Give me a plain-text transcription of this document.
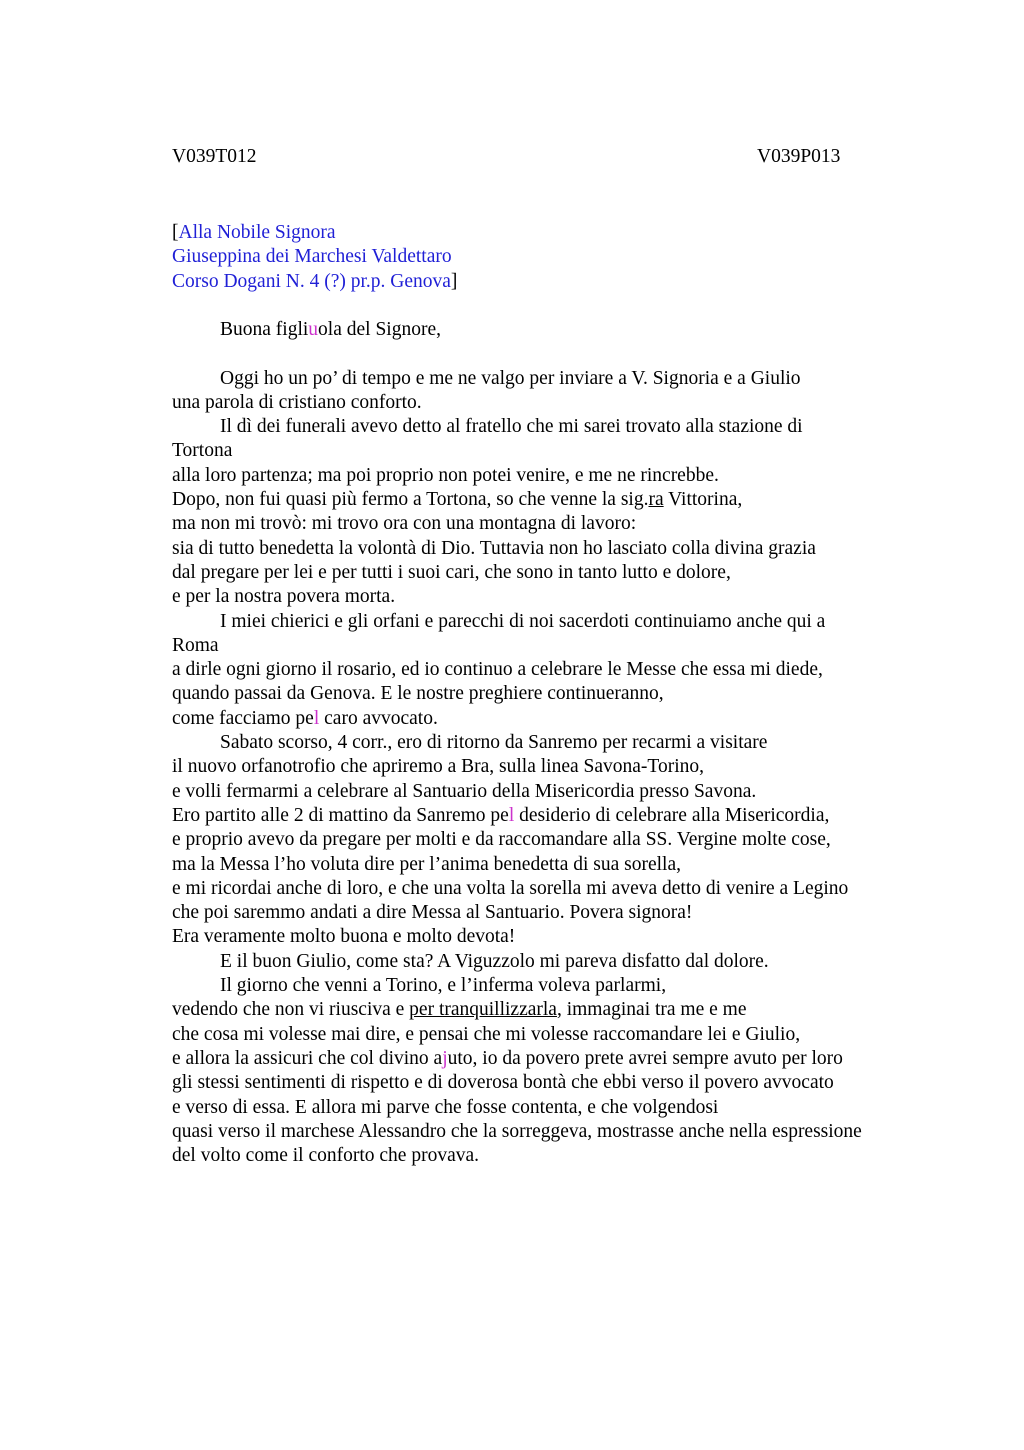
V039T012	V039P013
[Alla Nobile Signora
Giuseppina dei Marchesi Valdettaro
Corso Dogani N. 4 (?) pr.p. Genova]
Buona figliuola del Signore,
Oggi ho un po’ di tempo e me ne valgo per inviare a V. Signoria e a Giulio
una parola di cristiano conforto.
Il dì dei funerali avevo detto al fratello che mi sarei trovato alla stazione di
Tortona
alla loro partenza; ma poi proprio non potei venire, e me ne rincrebbe.
Dopo, non fui quasi più fermo a Tortona, so che venne la sig.ra Vittorina,
ma non mi trovò: mi trovo ora con una montagna di lavoro:
sia di tutto benedetta la volontà di Dio. Tuttavia non ho lasciato colla divina grazia
dal pregare per lei e per tutti i suoi cari, che sono in tanto lutto e dolore,
e per la nostra povera morta.
I miei chierici e gli orfani e parecchi di noi sacerdoti continuiamo anche qui a
Roma
a dirle ogni giorno il rosario, ed io continuo a celebrare le Messe che essa mi diede,
quando passai da Genova. E le nostre preghiere continueranno,
come facciamo pel caro avvocato.
Sabato scorso, 4 corr., ero di ritorno da Sanremo per recarmi a visitare
il nuovo orfanotrofio che apriremo a Bra, sulla linea Savona-Torino,
e volli fermarmi a celebrare al Santuario della Misericordia presso Savona.
Ero partito alle 2 di mattino da Sanremo pel desiderio di celebrare alla Misericordia,
e proprio avevo da pregare per molti e da raccomandare alla SS. Vergine molte cose,
ma la Messa l’ho voluta dire per l’anima benedetta di sua sorella,
e mi ricordai anche di loro, e che una volta la sorella mi aveva detto di venire a Legino
che poi saremmo andati a dire Messa al Santuario. Povera signora!
Era veramente molto buona e molto devota!
E il buon Giulio, come sta? A Viguzzolo mi pareva disfatto dal dolore.
Il giorno che venni a Torino, e l’inferma voleva parlarmi,
vedendo che non vi riusciva e per tranquillizzarla, immaginai tra me e me
che cosa mi volesse mai dire, e pensai che mi volesse raccomandare lei e Giulio,
e allora la assicuri che col divino ajuto, io da povero prete avrei sempre avuto per loro
gli stessi sentimenti di rispetto e di doverosa bontà che ebbi verso il povero avvocato
e verso di essa. E allora mi parve che fosse contenta, e che volgendosi
quasi verso il marchese Alessandro che la sorreggeva, mostrasse anche nella espressione
del volto come il conforto che provava.
